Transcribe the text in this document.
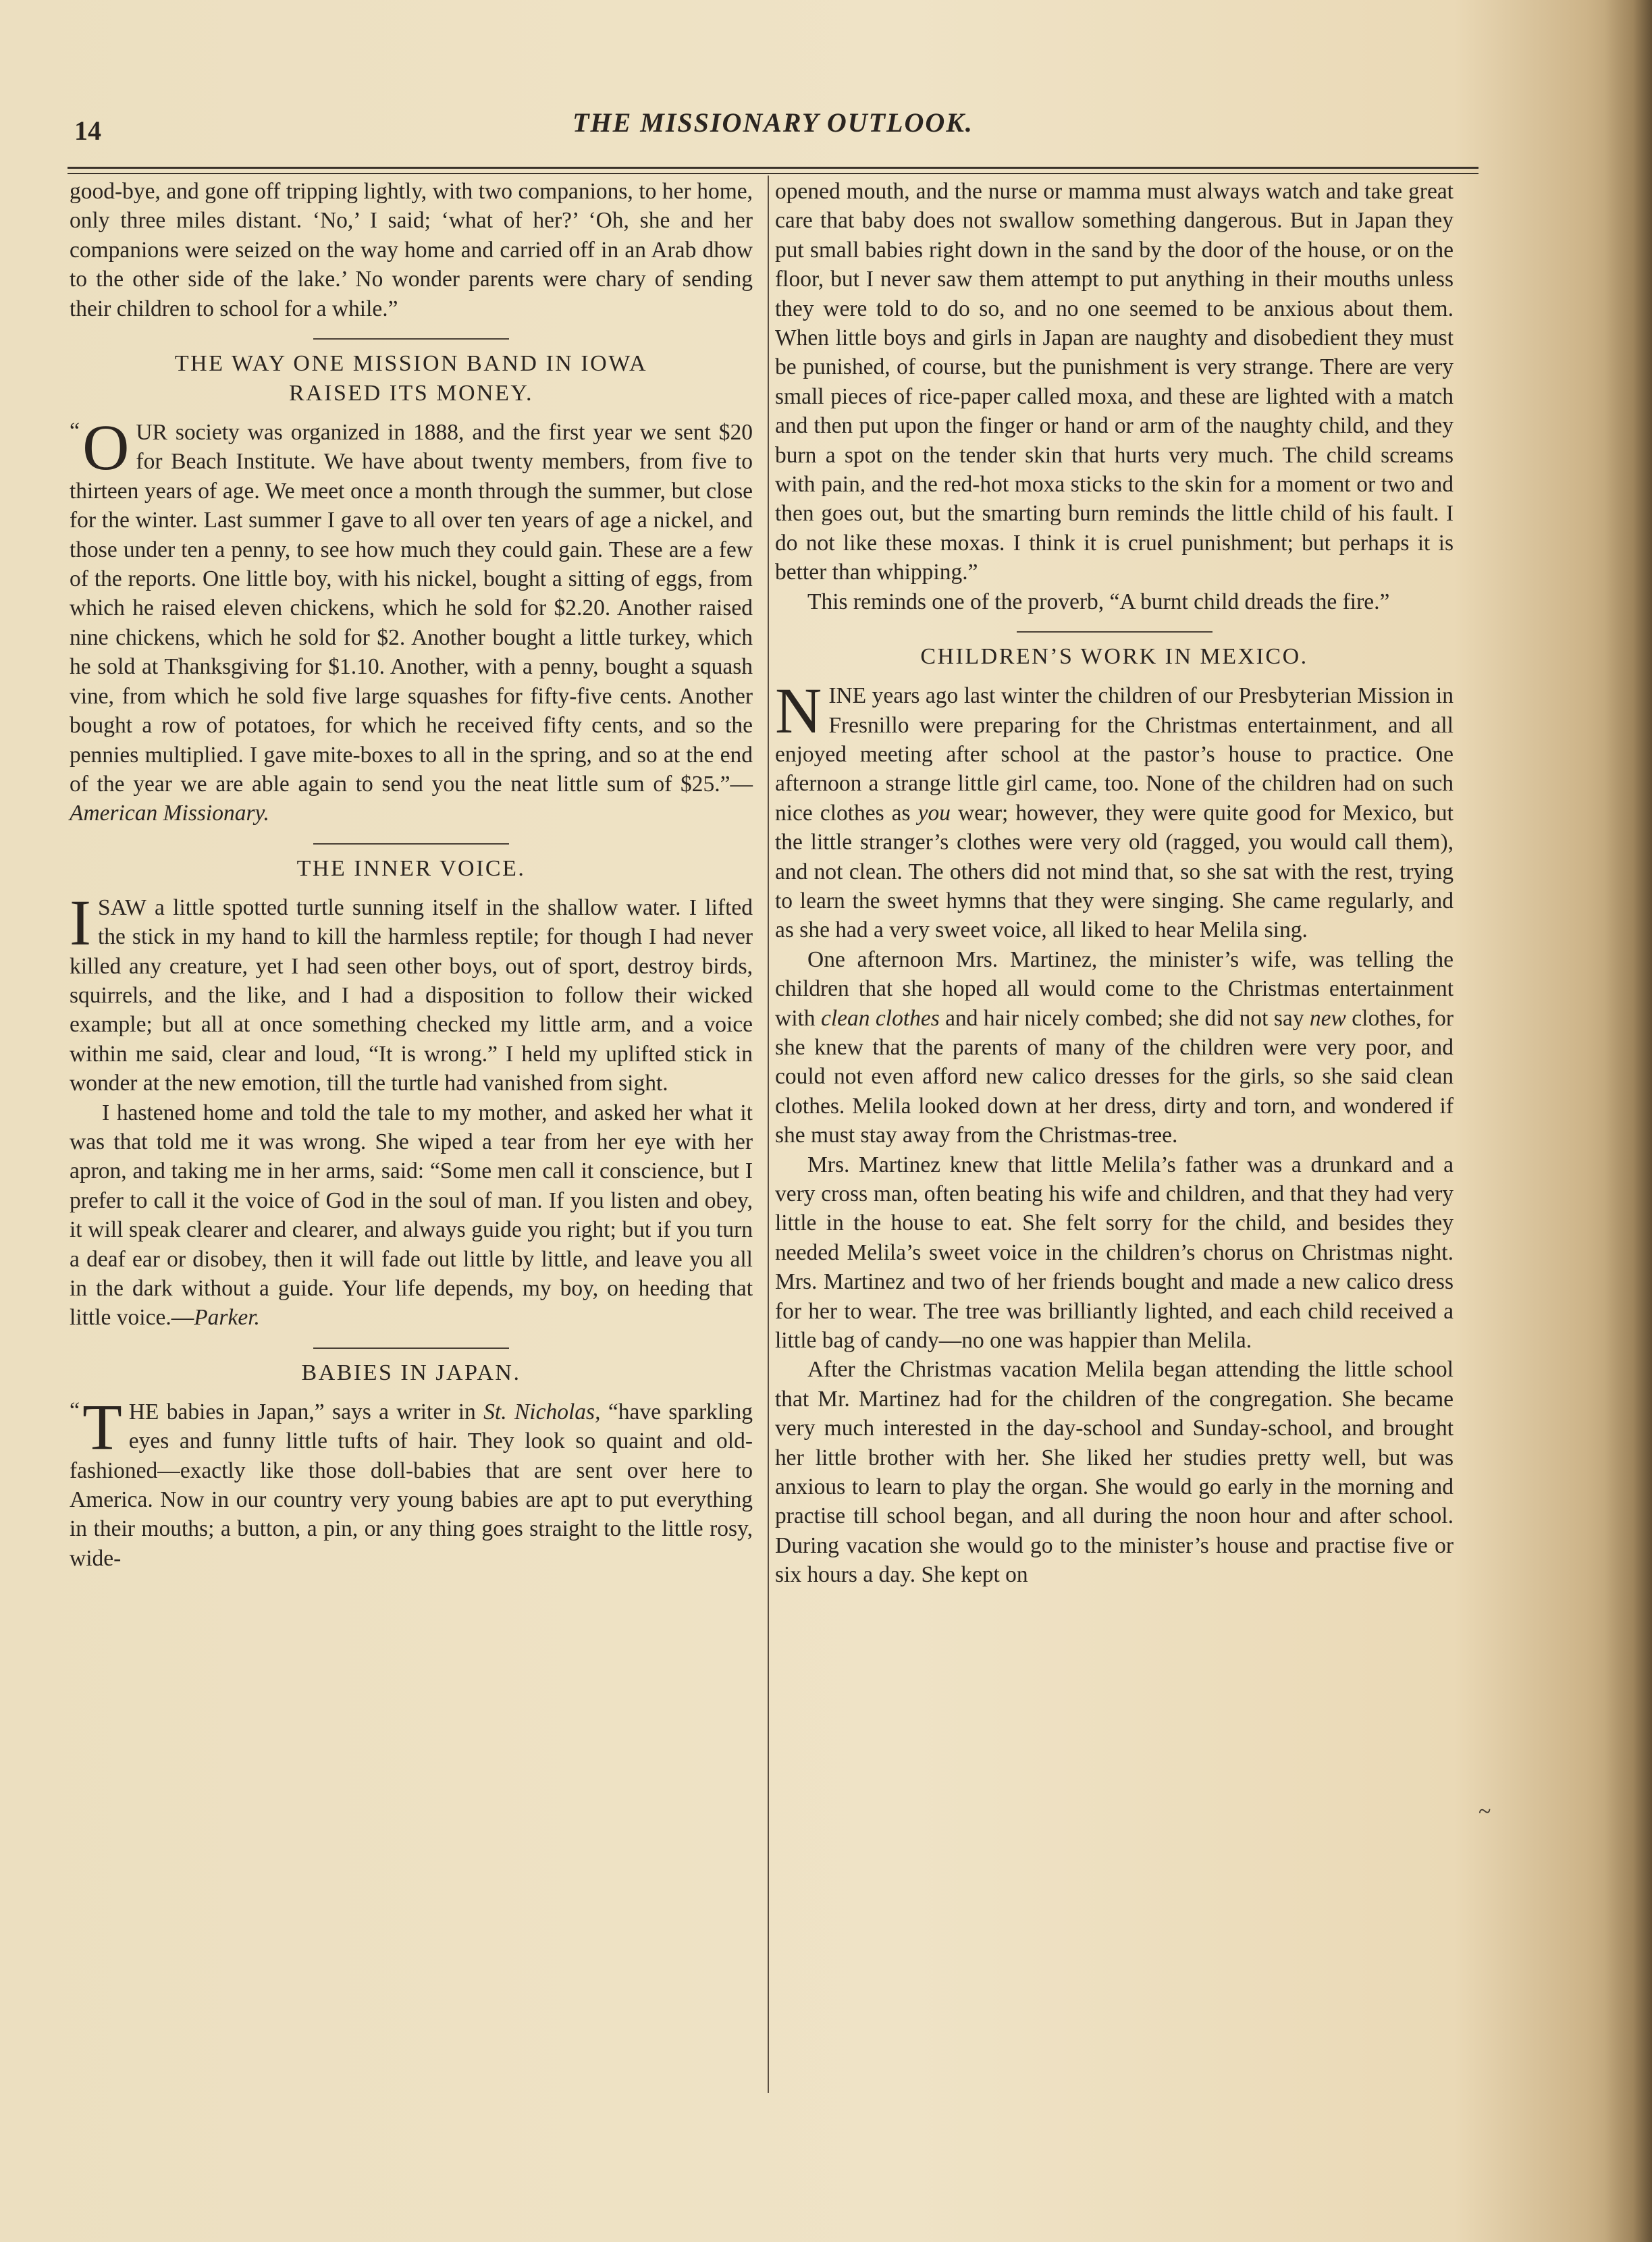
14	THE MISSIONARY OUTLOOK.

good-bye, and gone off tripping lightly, with two companions, to her home, only three miles distant. ‘No,’ I said; ‘what of her?’ ‘Oh, she and her companions were seized on the way home and carried off in an Arab dhow to the other side of the lake.’ No wonder parents were chary of sending their children to school for a while.”

THE WAY ONE MISSION BAND IN IOWA
RAISED ITS MONEY.

“ O UR society was organized in 1888, and the first year we sent $20 for Beach Institute. We have about twenty members, from five to thirteen years of age. We meet once a month through the summer, but close for the winter. Last summer I gave to all over ten years of age a nickel, and those under ten a penny, to see how much they could gain. These are a few of the reports. One little boy, with his nickel, bought a sitting of eggs, from which he raised eleven chickens, which he sold for $2.20. Another raised nine chickens, which he sold for $2. Another bought a little turkey, which he sold at Thanksgiving for $1.10. Another, with a penny, bought a squash vine, from which he sold five large squashes for fifty-five cents. Another bought a row of potatoes, for which he received fifty cents, and so the pennies multiplied. I gave mite-boxes to all in the spring, and so at the end of the year we are able again to send you the neat little sum of $25.”—American Missionary.

THE INNER VOICE.

ISAW a little spotted turtle sunning itself in the shallow water. I lifted the stick in my hand to kill the harmless reptile; for though I had never killed any creature, yet I had seen other boys, out of sport, destroy birds, squirrels, and the like, and I had a disposition to follow their wicked example; but all at once something checked my little arm, and a voice within me said, clear and loud, “It is wrong.” I held my uplifted stick in wonder at the new emotion, till the turtle had vanished from sight.

I hastened home and told the tale to my mother, and asked her what it was that told me it was wrong. She wiped a tear from her eye with her apron, and taking me in her arms, said: “Some men call it conscience, but I prefer to call it the voice of God in the soul of man. If you listen and obey, it will speak clearer and clearer, and always guide you right; but if you turn a deaf ear or disobey, then it will fade out little by little, and leave you all in the dark without a guide. Your life depends, my boy, on heeding that little voice.—Parker.

BABIES IN JAPAN.

“ T HE babies in Japan,” says a writer in St. Nicholas, “have sparkling eyes and funny little tufts of hair. They look so quaint and old-fashioned—exactly like those doll-babies that are sent over here to America. Now in our country very young babies are apt to put everything in their mouths; a button, a pin, or any thing goes straight to the little rosy, wide-

opened mouth, and the nurse or mamma must always watch and take great care that baby does not swallow something dangerous. But in Japan they put small babies right down in the sand by the door of the house, or on the floor, but I never saw them attempt to put anything in their mouths unless they were told to do so, and no one seemed to be anxious about them. When little boys and girls in Japan are naughty and disobedient they must be punished, of course, but the punishment is very strange. There are very small pieces of rice-paper called moxa, and these are lighted with a match and then put upon the finger or hand or arm of the naughty child, and they burn a spot on the tender skin that hurts very much. The child screams with pain, and the red-hot moxa sticks to the skin for a moment or two and then goes out, but the smarting burn reminds the little child of his fault. I do not like these moxas. I think it is cruel punishment; but perhaps it is better than whipping.”

This reminds one of the proverb, “A burnt child dreads the fire.”

CHILDREN’S WORK IN MEXICO.

NINE years ago last winter the children of our Presbyterian Mission in Fresnillo were preparing for the Christmas entertainment, and all enjoyed meeting after school at the pastor’s house to practice. One afternoon a strange little girl came, too. None of the children had on such nice clothes as you wear; however, they were quite good for Mexico, but the little stranger’s clothes were very old (ragged, you would call them), and not clean. The others did not mind that, so she sat with the rest, trying to learn the sweet hymns that they were singing. She came regularly, and as she had a very sweet voice, all liked to hear Melila sing.

One afternoon Mrs. Martinez, the minister’s wife, was telling the children that she hoped all would come to the Christmas entertainment with clean clothes and hair nicely combed; she did not say new clothes, for she knew that the parents of many of the children were very poor, and could not even afford new calico dresses for the girls, so she said clean clothes. Melila looked down at her dress, dirty and torn, and wondered if she must stay away from the Christmas-tree.

Mrs. Martinez knew that little Melila’s father was a drunkard and a very cross man, often beating his wife and children, and that they had very little in the house to eat. She felt sorry for the child, and besides they needed Melila’s sweet voice in the children’s chorus on Christmas night. Mrs. Martinez and two of her friends bought and made a new calico dress for her to wear. The tree was brilliantly lighted, and each child received a little bag of candy—no one was happier than Melila.

After the Christmas vacation Melila began attending the little school that Mr. Martinez had for the children of the congregation. She became very much interested in the day-school and Sunday-school, and brought her little brother with her. She liked her studies pretty well, but was anxious to learn to play the organ. She would go early in the morning and practise till school began, and all during the noon hour and after school. During vacation she would go to the minister’s house and practise five or six hours a day. She kept on

~
